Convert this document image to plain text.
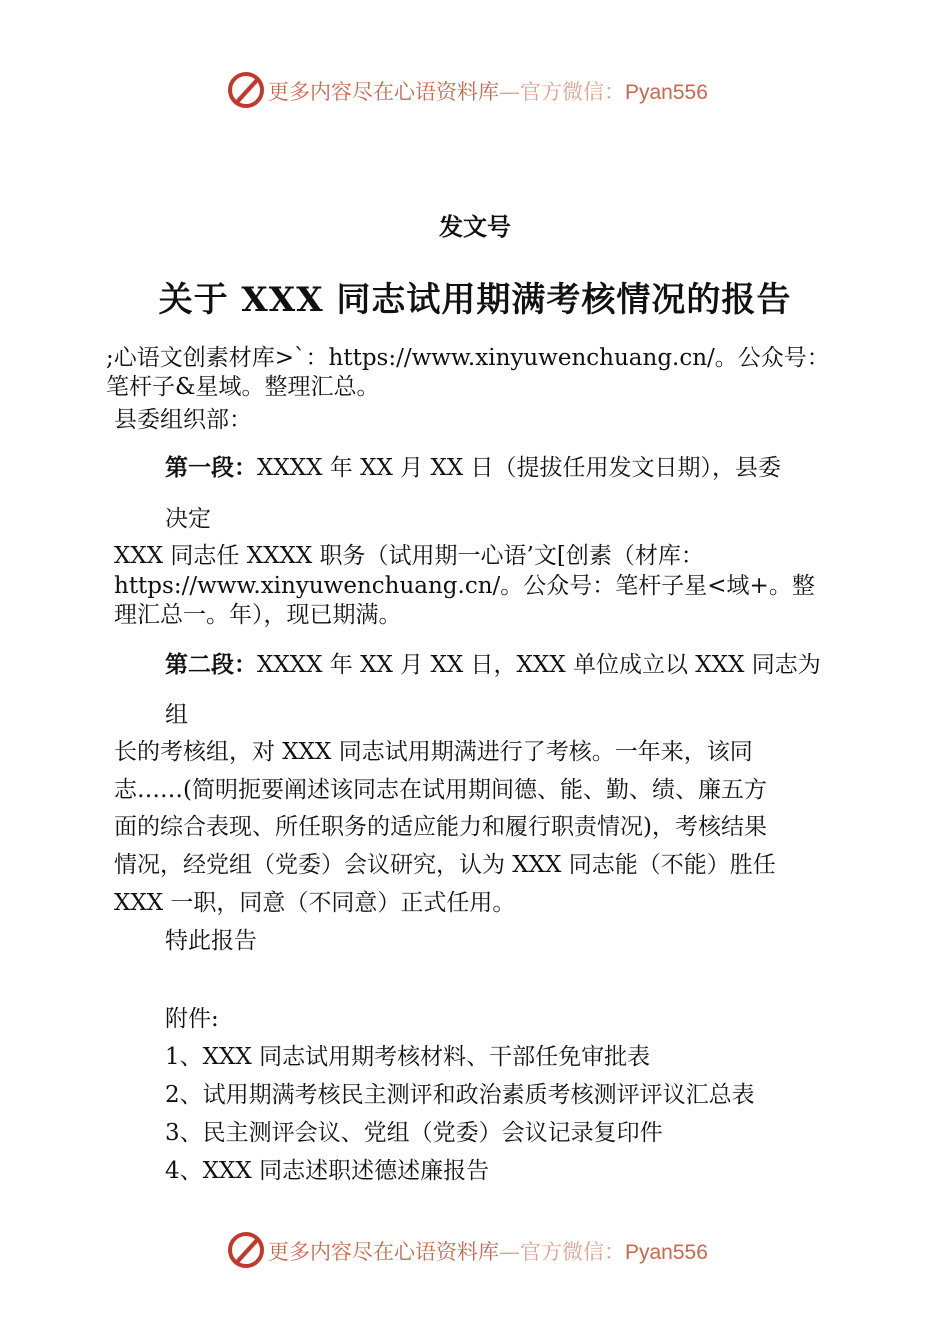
更多内容尽在心语资料库—官方微信：Pyan556
发文号
关于 XXX 同志试用期满考核情况的报告
;心语文创素材库>`：https://www.xinyuwenchuang.cn/。公众号：
笔杆子&星域。整理汇总。
县委组织部：
第一段：XXXX 年 XX 月 XX 日（提拔任用发文日期），县委
决定
XXX 同志任 XXXX 职务（试用期一心语’文[创素（材库：
https://www.xinyuwenchuang.cn/。公众号：笔杆子星<域+。整
理汇总一。年），现已期满。
第二段：XXXX 年 XX 月 XX 日，XXX 单位成立以 XXX 同志为
组
长的考核组，对 XXX 同志试用期满进行了考核。一年来，该同
志……(简明扼要阐述该同志在试用期间德、能、勤、绩、廉五方
面的综合表现、所任职务的适应能力和履行职责情况)，考核结果
情况，经党组（党委）会议研究，认为 XXX 同志能（不能）胜任
XXX 一职，同意（不同意）正式任用。
特此报告
附件:
1、XXX 同志试用期考核材料、干部任免审批表
2、试用期满考核民主测评和政治素质考核测评评议汇总表
3、民主测评会议、党组（党委）会议记录复印件
4、XXX 同志述职述德述廉报告
更多内容尽在心语资料库—官方微信：Pyan556
